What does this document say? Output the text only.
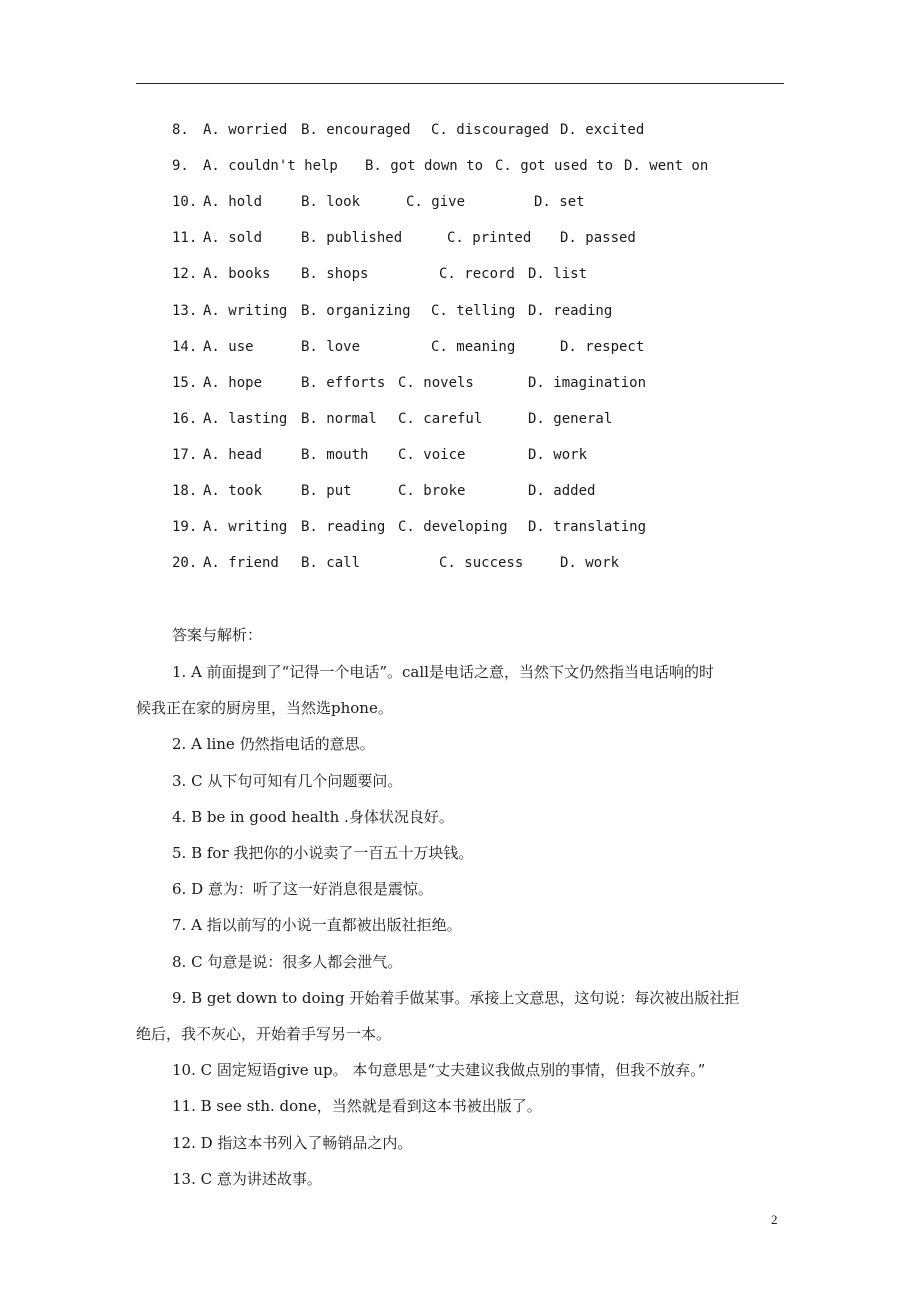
8. A. worried B. encouraged C. discouraged D. excited
9. A. couldn't help B. got down to C. got used to D. went on
10. A. hold	B. look	C. give	D. set
11. A. sold	B. published	C. printed D. passed
12. A. books B. shops	C. record D. list
13. A. writing B. organizing C. telling D. reading
14. A. use	B. love	C. meaning	D. respect
15. A. hope	B. efforts C. novels	D. imagination
16. A. lasting B. normal C. careful	D. general
17. A. head	B. mouth C. voice	D. work
18. A. took	B. put	C. broke	D. added
19. A. writing B. reading C. developing D. translating
20. A. friend B. call	C. success	D. work
答案与解析：
1. A 前面提到了“记得一个电话”。call是电话之意，当然下文仍然指当电话响的时
候我正在家的厨房里，当然选phone。
2. A line 仍然指电话的意思。
3. C 从下句可知有几个问题要问。
4. B be in good health .身体状况良好。
5. B for 我把你的小说卖了一百五十万块钱。
6. D 意为：听了这一好消息很是震惊。
7. A 指以前写的小说一直都被出版社拒绝。
8. C 句意是说：很多人都会泄气。
9. B get down to doing 开始着手做某事。承接上文意思，这句说：每次被出版社拒
绝后，我不灰心，开始着手写另一本。
10. C 固定短语give up。 本句意思是“丈夫建议我做点别的事情，但我不放弃。”
11. B see sth. done，当然就是看到这本书被出版了。
12. D 指这本书列入了畅销品之内。
13. C 意为讲述故事。
2
